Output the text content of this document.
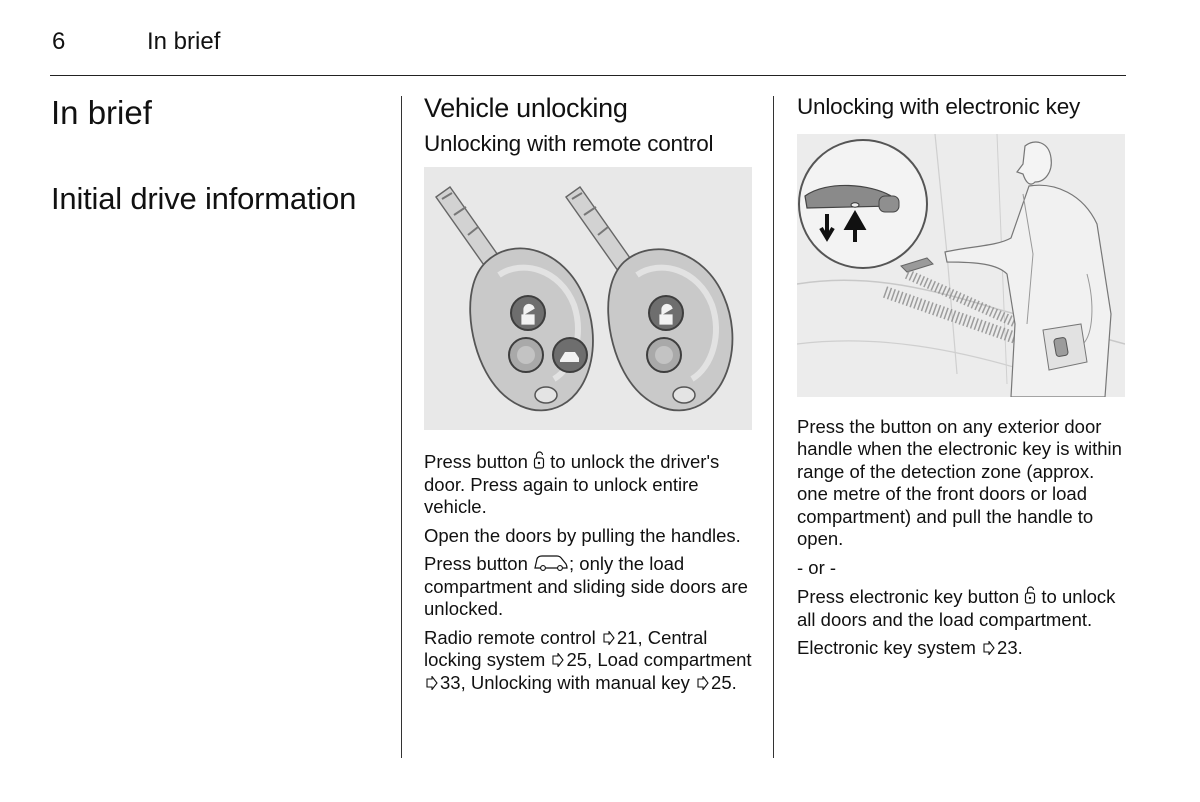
6	In brief
In brief
Initial drive information
Vehicle unlocking
Unlocking with remote control
Press button to unlock the driver's door. Press again to unlock entire vehicle.
Open the doors by pulling the handles.
Press button ; only the load compartment and sliding side doors are unlocked.
Radio remote control 21, Central locking system 25, Load compartment 33, Unlocking with manual key 25.
Unlocking with electronic key
Press the button on any exterior door handle when the electronic key is within range of the detection zone (approx. one metre of the front doors or load compartment) and pull the handle to open.
- or -
Press electronic key button to unlock all doors and the load compartment.
Electronic key system 23.
